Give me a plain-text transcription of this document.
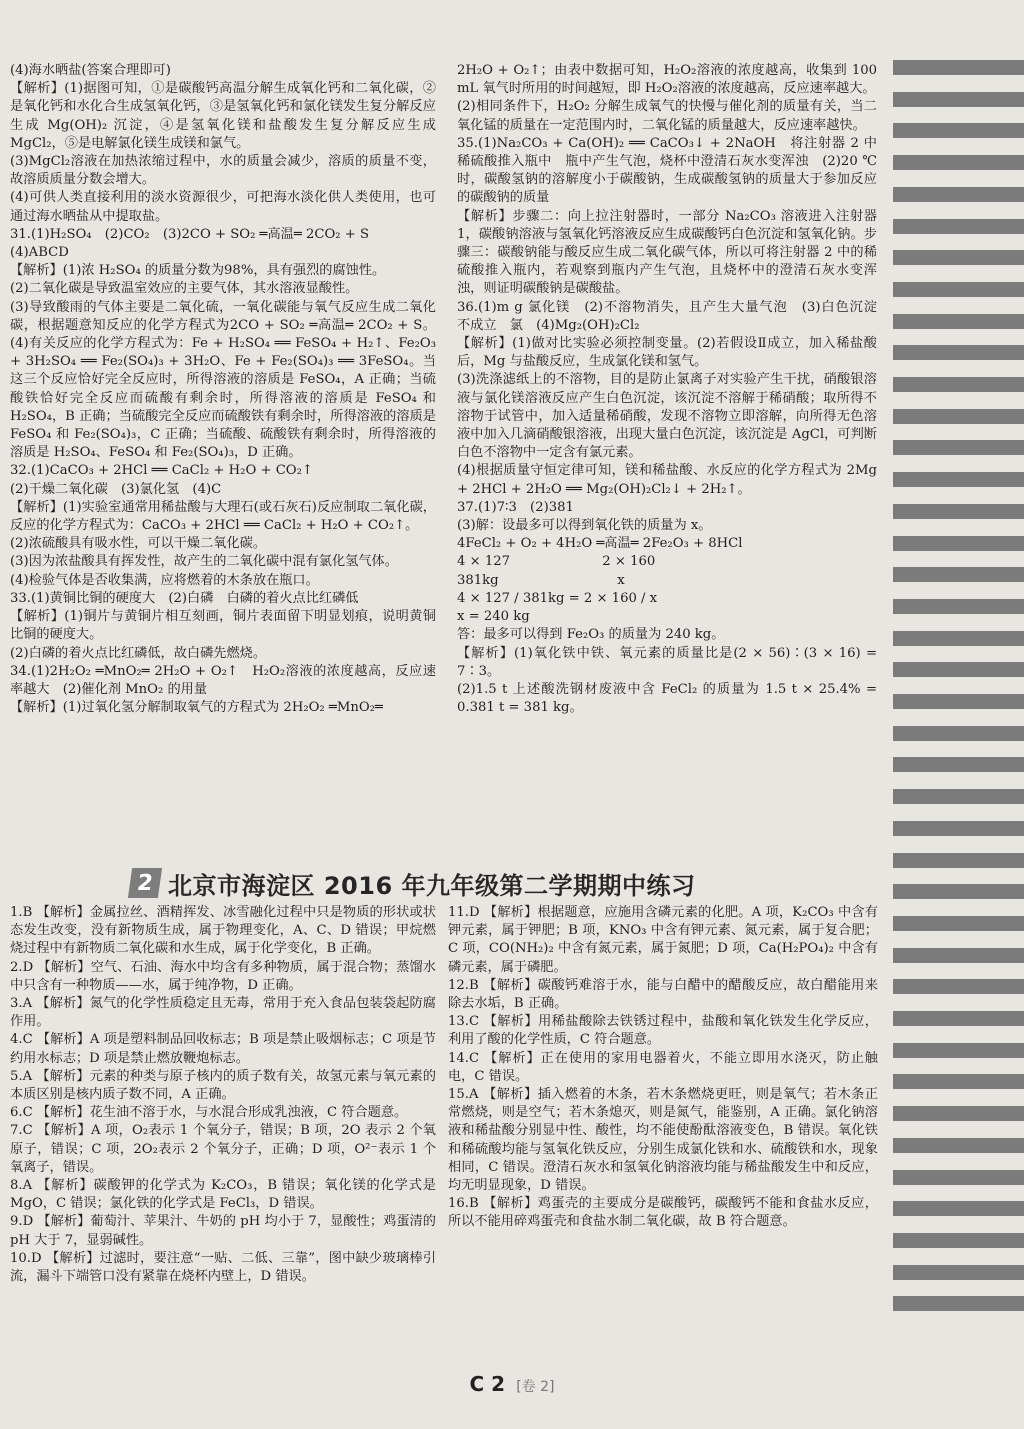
(4)海水晒盐(答案合理即可)

【解析】(1)据图可知，①是碳酸钙高温分解生成氧化钙和二氧化碳，②是氧化钙和水化合生成氢氧化钙，③是氢氧化钙和氯化镁发生复分解反应生成 Mg(OH)₂ 沉淀，④是氢氧化镁和盐酸发生复分解反应生成 MgCl₂，⑤是电解氯化镁生成镁和氯气。

(3)MgCl₂溶液在加热浓缩过程中，水的质量会减少，溶质的质量不变，故溶质质量分数会增大。

(4)可供人类直接利用的淡水资源很少，可把海水淡化供人类使用，也可通过海水晒盐从中提取盐。

31.(1)H₂SO₄　(2)CO₂　(3)2CO + SO₂ ═高温═ 2CO₂ + S

(4)ABCD

【解析】(1)浓 H₂SO₄ 的质量分数为98%，具有强烈的腐蚀性。

(2)二氧化碳是导致温室效应的主要气体，其水溶液显酸性。

(3)导致酸雨的气体主要是二氧化硫，一氧化碳能与氧气反应生成二氧化碳，根据题意知反应的化学方程式为2CO + SO₂ ═高温═ 2CO₂ + S。(4)有关反应的化学方程式为：Fe + H₂SO₄ ══ FeSO₄ + H₂↑、Fe₂O₃ + 3H₂SO₄ ══ Fe₂(SO₄)₃ + 3H₂O、Fe + Fe₂(SO₄)₃ ══ 3FeSO₄。当这三个反应恰好完全反应时，所得溶液的溶质是 FeSO₄，A 正确；当硫酸铁恰好完全反应而硫酸有剩余时，所得溶液的溶质是 FeSO₄ 和 H₂SO₄，B 正确；当硫酸完全反应而硫酸铁有剩余时，所得溶液的溶质是 FeSO₄ 和 Fe₂(SO₄)₃，C 正确；当硫酸、硫酸铁有剩余时，所得溶液的溶质是 H₂SO₄、FeSO₄ 和 Fe₂(SO₄)₃，D 正确。

32.(1)CaCO₃ + 2HCl ══ CaCl₂ + H₂O + CO₂↑

(2)干燥二氧化碳　(3)氯化氢　(4)C

【解析】(1)实验室通常用稀盐酸与大理石(或石灰石)反应制取二氧化碳，反应的化学方程式为：CaCO₃ + 2HCl ══ CaCl₂ + H₂O + CO₂↑。

(2)浓硫酸具有吸水性，可以干燥二氧化碳。

(3)因为浓盐酸具有挥发性，故产生的二氧化碳中混有氯化氢气体。

(4)检验气体是否收集满，应将燃着的木条放在瓶口。

33.(1)黄铜比铜的硬度大　(2)白磷　白磷的着火点比红磷低

【解析】(1)铜片与黄铜片相互刻画，铜片表面留下明显划痕，说明黄铜比铜的硬度大。

(2)白磷的着火点比红磷低，故白磷先燃烧。

34.(1)2H₂O₂ ═MnO₂═ 2H₂O + O₂↑　H₂O₂溶液的浓度越高，反应速率越大　(2)催化剂 MnO₂ 的用量

【解析】(1)过氧化氢分解制取氧气的方程式为 2H₂O₂ ═MnO₂═

2H₂O + O₂↑；由表中数据可知，H₂O₂溶液的浓度越高，收集到 100 mL 氧气时所用的时间越短，即 H₂O₂溶液的浓度越高，反应速率越大。

(2)相同条件下，H₂O₂ 分解生成氧气的快慢与催化剂的质量有关，当二氧化锰的质量在一定范围内时，二氧化锰的质量越大，反应速率越快。

35.(1)Na₂CO₃ + Ca(OH)₂ ══ CaCO₃↓ + 2NaOH　将注射器 2 中稀硫酸推入瓶中　瓶中产生气泡，烧杯中澄清石灰水变浑浊　(2)20 ℃时，碳酸氢钠的溶解度小于碳酸钠，生成碳酸氢钠的质量大于参加反应的碳酸钠的质量

【解析】步骤二：向上拉注射器时，一部分 Na₂CO₃ 溶液进入注射器 1，碳酸钠溶液与氢氧化钙溶液反应生成碳酸钙白色沉淀和氢氧化钠。步骤三：碳酸钠能与酸反应生成二氧化碳气体，所以可将注射器 2 中的稀硫酸推入瓶内，若观察到瓶内产生气泡，且烧杯中的澄清石灰水变浑浊，则证明碳酸钠是碳酸盐。

36.(1)m g 氯化镁　(2)不溶物消失，且产生大量气泡　(3)白色沉淀　不成立　氯　(4)Mg₂(OH)₂Cl₂

【解析】(1)做对比实验必须控制变量。(2)若假设Ⅱ成立，加入稀盐酸后，Mg 与盐酸反应，生成氯化镁和氢气。

(3)洗涤滤纸上的不溶物，目的是防止氯离子对实验产生干扰，硝酸银溶液与氯化镁溶液反应产生白色沉淀，该沉淀不溶解于稀硝酸；取所得不溶物于试管中，加入适量稀硝酸，发现不溶物立即溶解，向所得无色溶液中加入几滴硝酸银溶液，出现大量白色沉淀，该沉淀是 AgCl，可判断白色不溶物中一定含有氯元素。

(4)根据质量守恒定律可知，镁和稀盐酸、水反应的化学方程式为 2Mg + 2HCl + 2H₂O ══ Mg₂(OH)₂Cl₂↓ + 2H₂↑。

37.(1)7∶3　(2)381

(3)解：设最多可以得到氧化铁的质量为 x。

4FeCl₂ + O₂ + 4H₂O ═高温═ 2Fe₂O₃ + 8HCl

4 × 127　　　　　　　2 × 160

381kg　　　　　　　　　x

4 × 127 / 381kg = 2 × 160 / x

x = 240 kg

答：最多可以得到 Fe₂O₃ 的质量为 240 kg。

【解析】(1)氧化铁中铁、氧元素的质量比是(2 × 56)∶(3 × 16) = 7∶3。

(2)1.5 t 上述酸洗钢材废液中含 FeCl₂ 的质量为 1.5 t × 25.4% = 0.381 t = 381 kg。

2 北京市海淀区 2016 年九年级第二学期期中练习

1.B 【解析】金属拉丝、酒精挥发、冰雪融化过程中只是物质的形状或状态发生改变，没有新物质生成，属于物理变化，A、C、D 错误；甲烷燃烧过程中有新物质二氧化碳和水生成，属于化学变化，B 正确。

2.D 【解析】空气、石油、海水中均含有多种物质，属于混合物；蒸馏水中只含有一种物质——水，属于纯净物，D 正确。

3.A 【解析】氮气的化学性质稳定且无毒，常用于充入食品包装袋起防腐作用。

4.C 【解析】A 项是塑料制品回收标志；B 项是禁止吸烟标志；C 项是节约用水标志；D 项是禁止燃放鞭炮标志。

5.A 【解析】元素的种类与原子核内的质子数有关，故氢元素与氧元素的本质区别是核内质子数不同，A 正确。

6.C 【解析】花生油不溶于水，与水混合形成乳浊液，C 符合题意。

7.C 【解析】A 项，O₂表示 1 个氧分子，错误；B 项，2O 表示 2 个氧原子，错误；C 项，2O₂表示 2 个氧分子，正确；D 项，O²⁻表示 1 个氧离子，错误。

8.A 【解析】碳酸钾的化学式为 K₂CO₃，B 错误；氧化镁的化学式是 MgO，C 错误；氯化铁的化学式是 FeCl₃，D 错误。

9.D 【解析】葡萄汁、苹果汁、牛奶的 pH 均小于 7，显酸性；鸡蛋清的 pH 大于 7，显弱碱性。

10.D 【解析】过滤时，要注意“一贴、二低、三靠”，图中缺少玻璃棒引流，漏斗下端管口没有紧靠在烧杯内壁上，D 错误。

11.D 【解析】根据题意，应施用含磷元素的化肥。A 项，K₂CO₃ 中含有钾元素，属于钾肥；B 项，KNO₃ 中含有钾元素、氮元素，属于复合肥；C 项，CO(NH₂)₂ 中含有氮元素，属于氮肥；D 项，Ca(H₂PO₄)₂ 中含有磷元素，属于磷肥。

12.B 【解析】碳酸钙难溶于水，能与白醋中的醋酸反应，故白醋能用来除去水垢，B 正确。

13.C 【解析】用稀盐酸除去铁锈过程中，盐酸和氧化铁发生化学反应，利用了酸的化学性质，C 符合题意。

14.C 【解析】正在使用的家用电器着火，不能立即用水浇灭，防止触电，C 错误。

15.A 【解析】插入燃着的木条，若木条燃烧更旺，则是氧气；若木条正常燃烧，则是空气；若木条熄灭，则是氮气，能鉴别，A 正确。氯化钠溶液和稀盐酸分别显中性、酸性，均不能使酚酞溶液变色，B 错误。氧化铁和稀硫酸均能与氢氧化铁反应，分别生成氯化铁和水、硫酸铁和水，现象相同，C 错误。澄清石灰水和氢氧化钠溶液均能与稀盐酸发生中和反应，均无明显现象，D 错误。

16.B 【解析】鸡蛋壳的主要成分是碳酸钙，碳酸钙不能和食盐水反应，所以不能用碎鸡蛋壳和食盐水制二氧化碳，故 B 符合题意。

C 2 [卷 2]
